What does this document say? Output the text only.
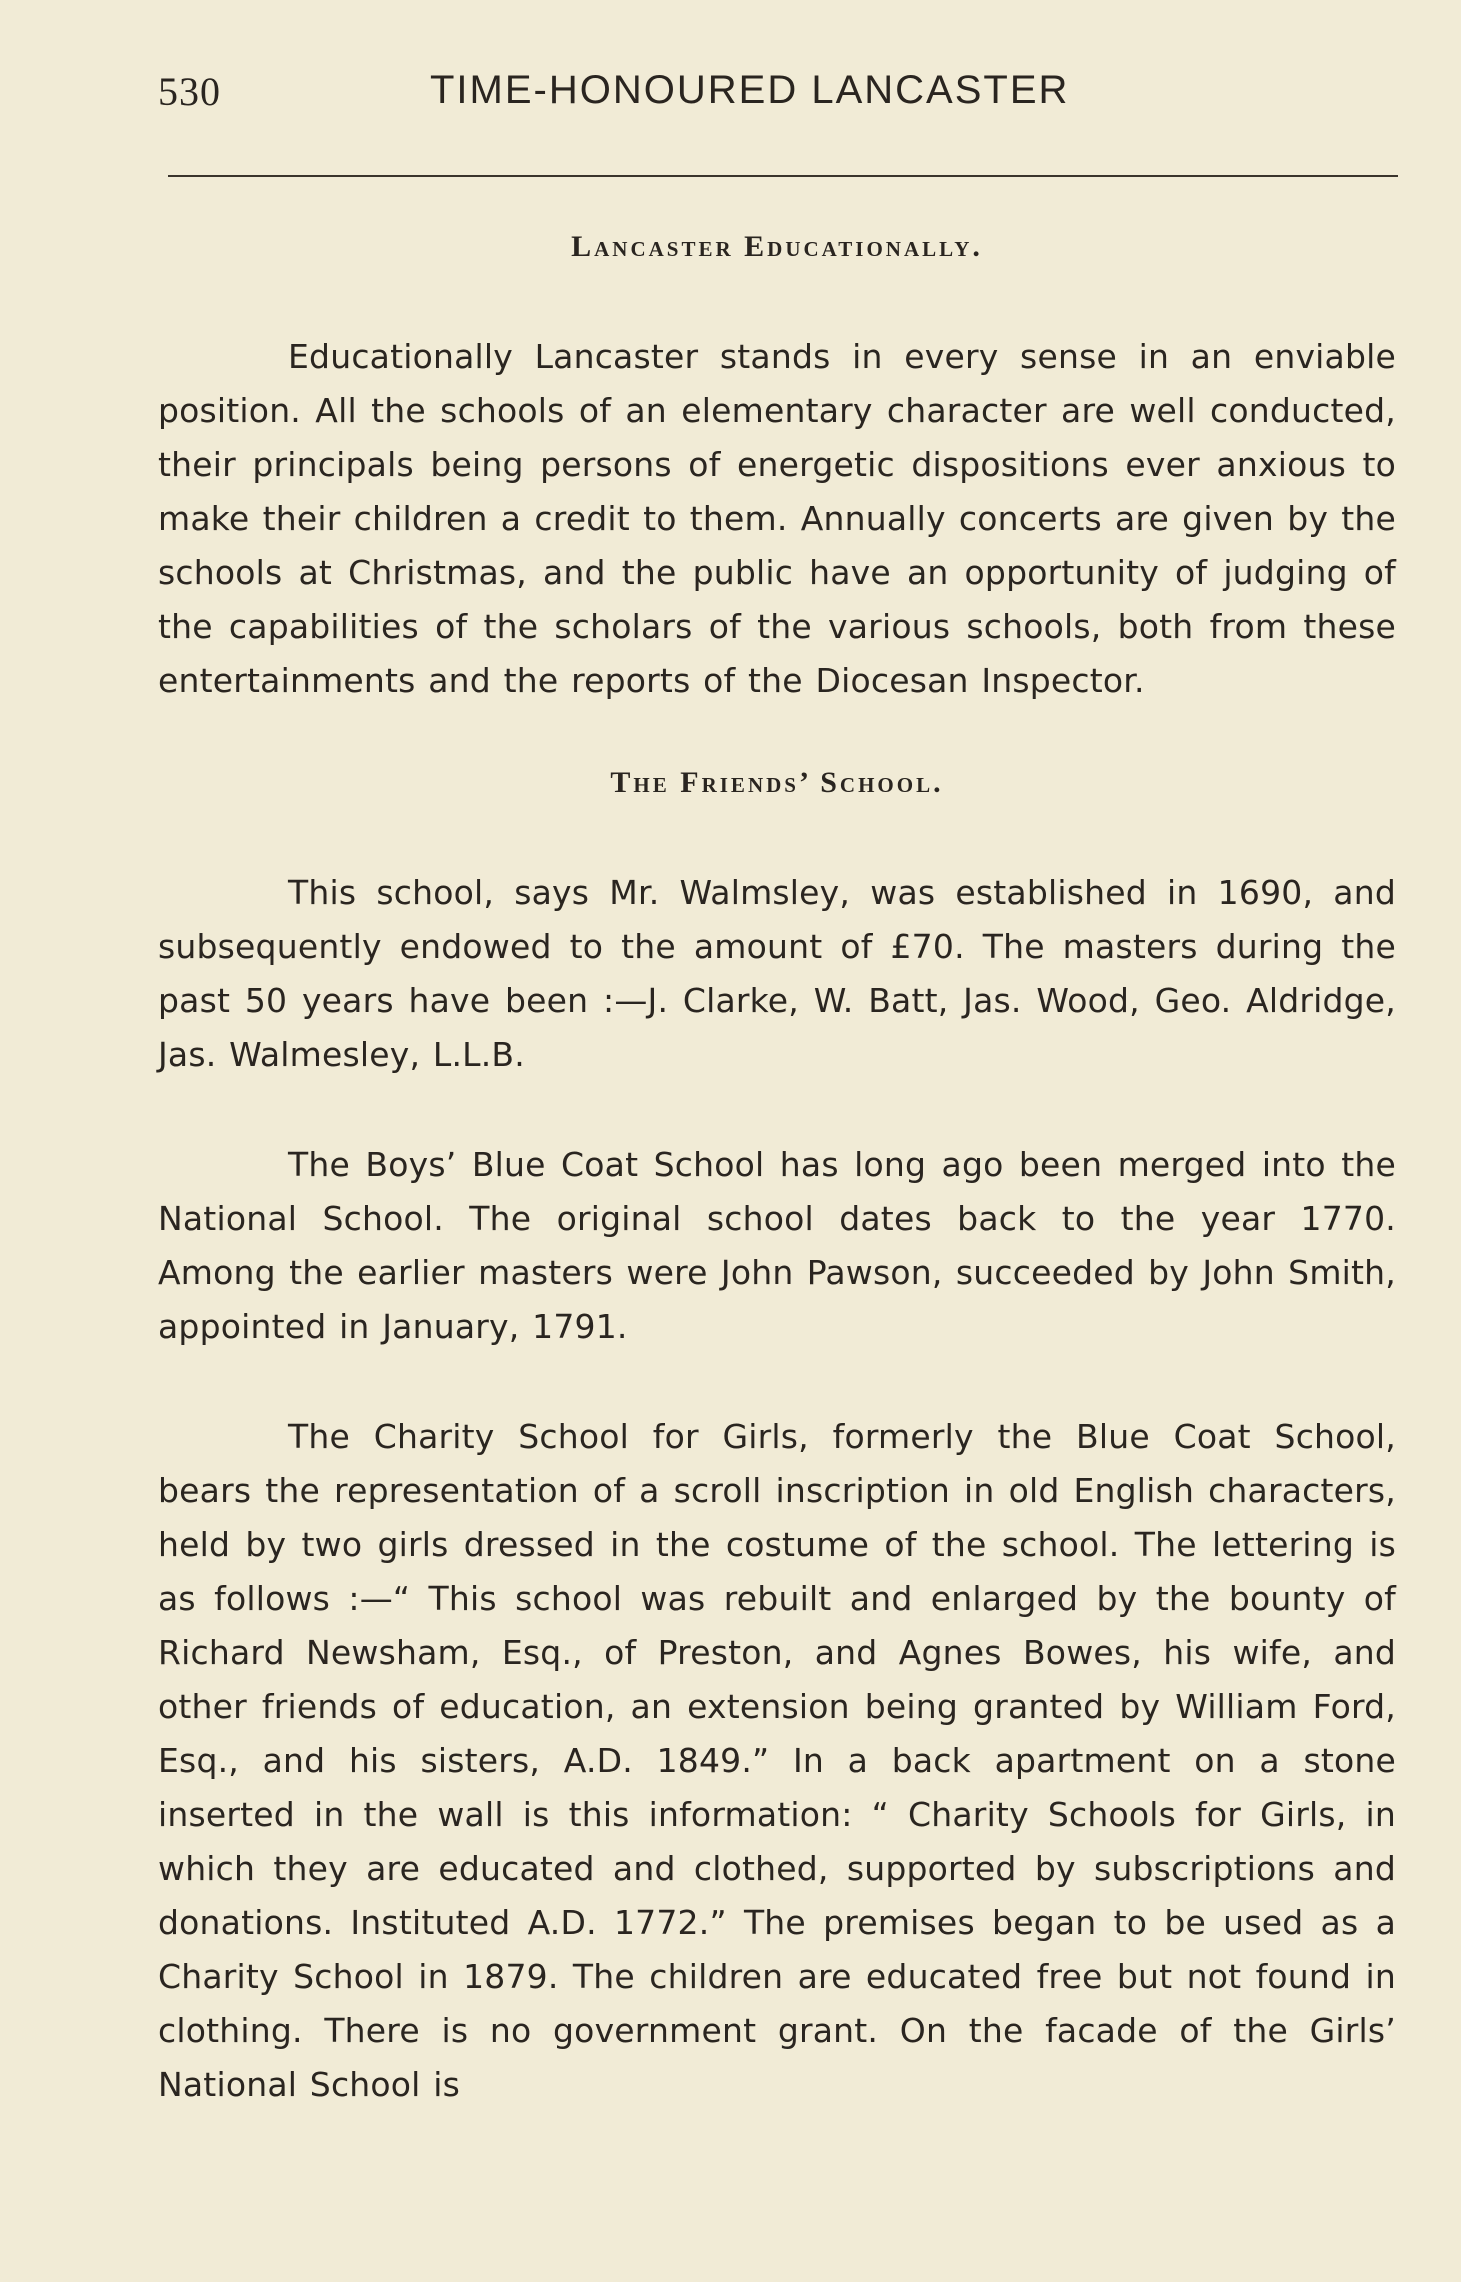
530	TIME-HONOURED LANCASTER
Lancaster Educationally.

Educationally Lancaster stands in every sense in an enviable position. All the schools of an elementary character are well conducted, their principals being persons of energetic dispositions ever anxious to make their children a credit to them. Annually concerts are given by the schools at Christmas, and the public have an opportunity of judging of the capabilities of the scholars of the various schools, both from these entertainments and the reports of the Diocesan Inspector.

The Friends’ School.

This school, says Mr. Walmsley, was established in 1690, and subsequently endowed to the amount of £70. The masters during the past 50 years have been :—J. Clarke, W. Batt, Jas. Wood, Geo. Aldridge, Jas. Walmesley, L.L.B.

The Boys’ Blue Coat School has long ago been merged into the National School. The original school dates back to the year 1770. Among the earlier masters were John Pawson, succeeded by John Smith, appointed in January, 1791.

The Charity School for Girls, formerly the Blue Coat School, bears the representation of a scroll inscription in old English characters, held by two girls dressed in the costume of the school. The lettering is as follows :—“ This school was rebuilt and enlarged by the bounty of Richard Newsham, Esq., of Preston, and Agnes Bowes, his wife, and other friends of education, an extension being granted by William Ford, Esq., and his sisters, A.D. 1849.” In a back apartment on a stone inserted in the wall is this information: “ Charity Schools for Girls, in which they are educated and clothed, supported by subscriptions and donations. Instituted A.D. 1772.” The premises began to be used as a Charity School in 1879. The children are educated free but not found in clothing. There is no government grant. On the facade of the Girls’ National School is
